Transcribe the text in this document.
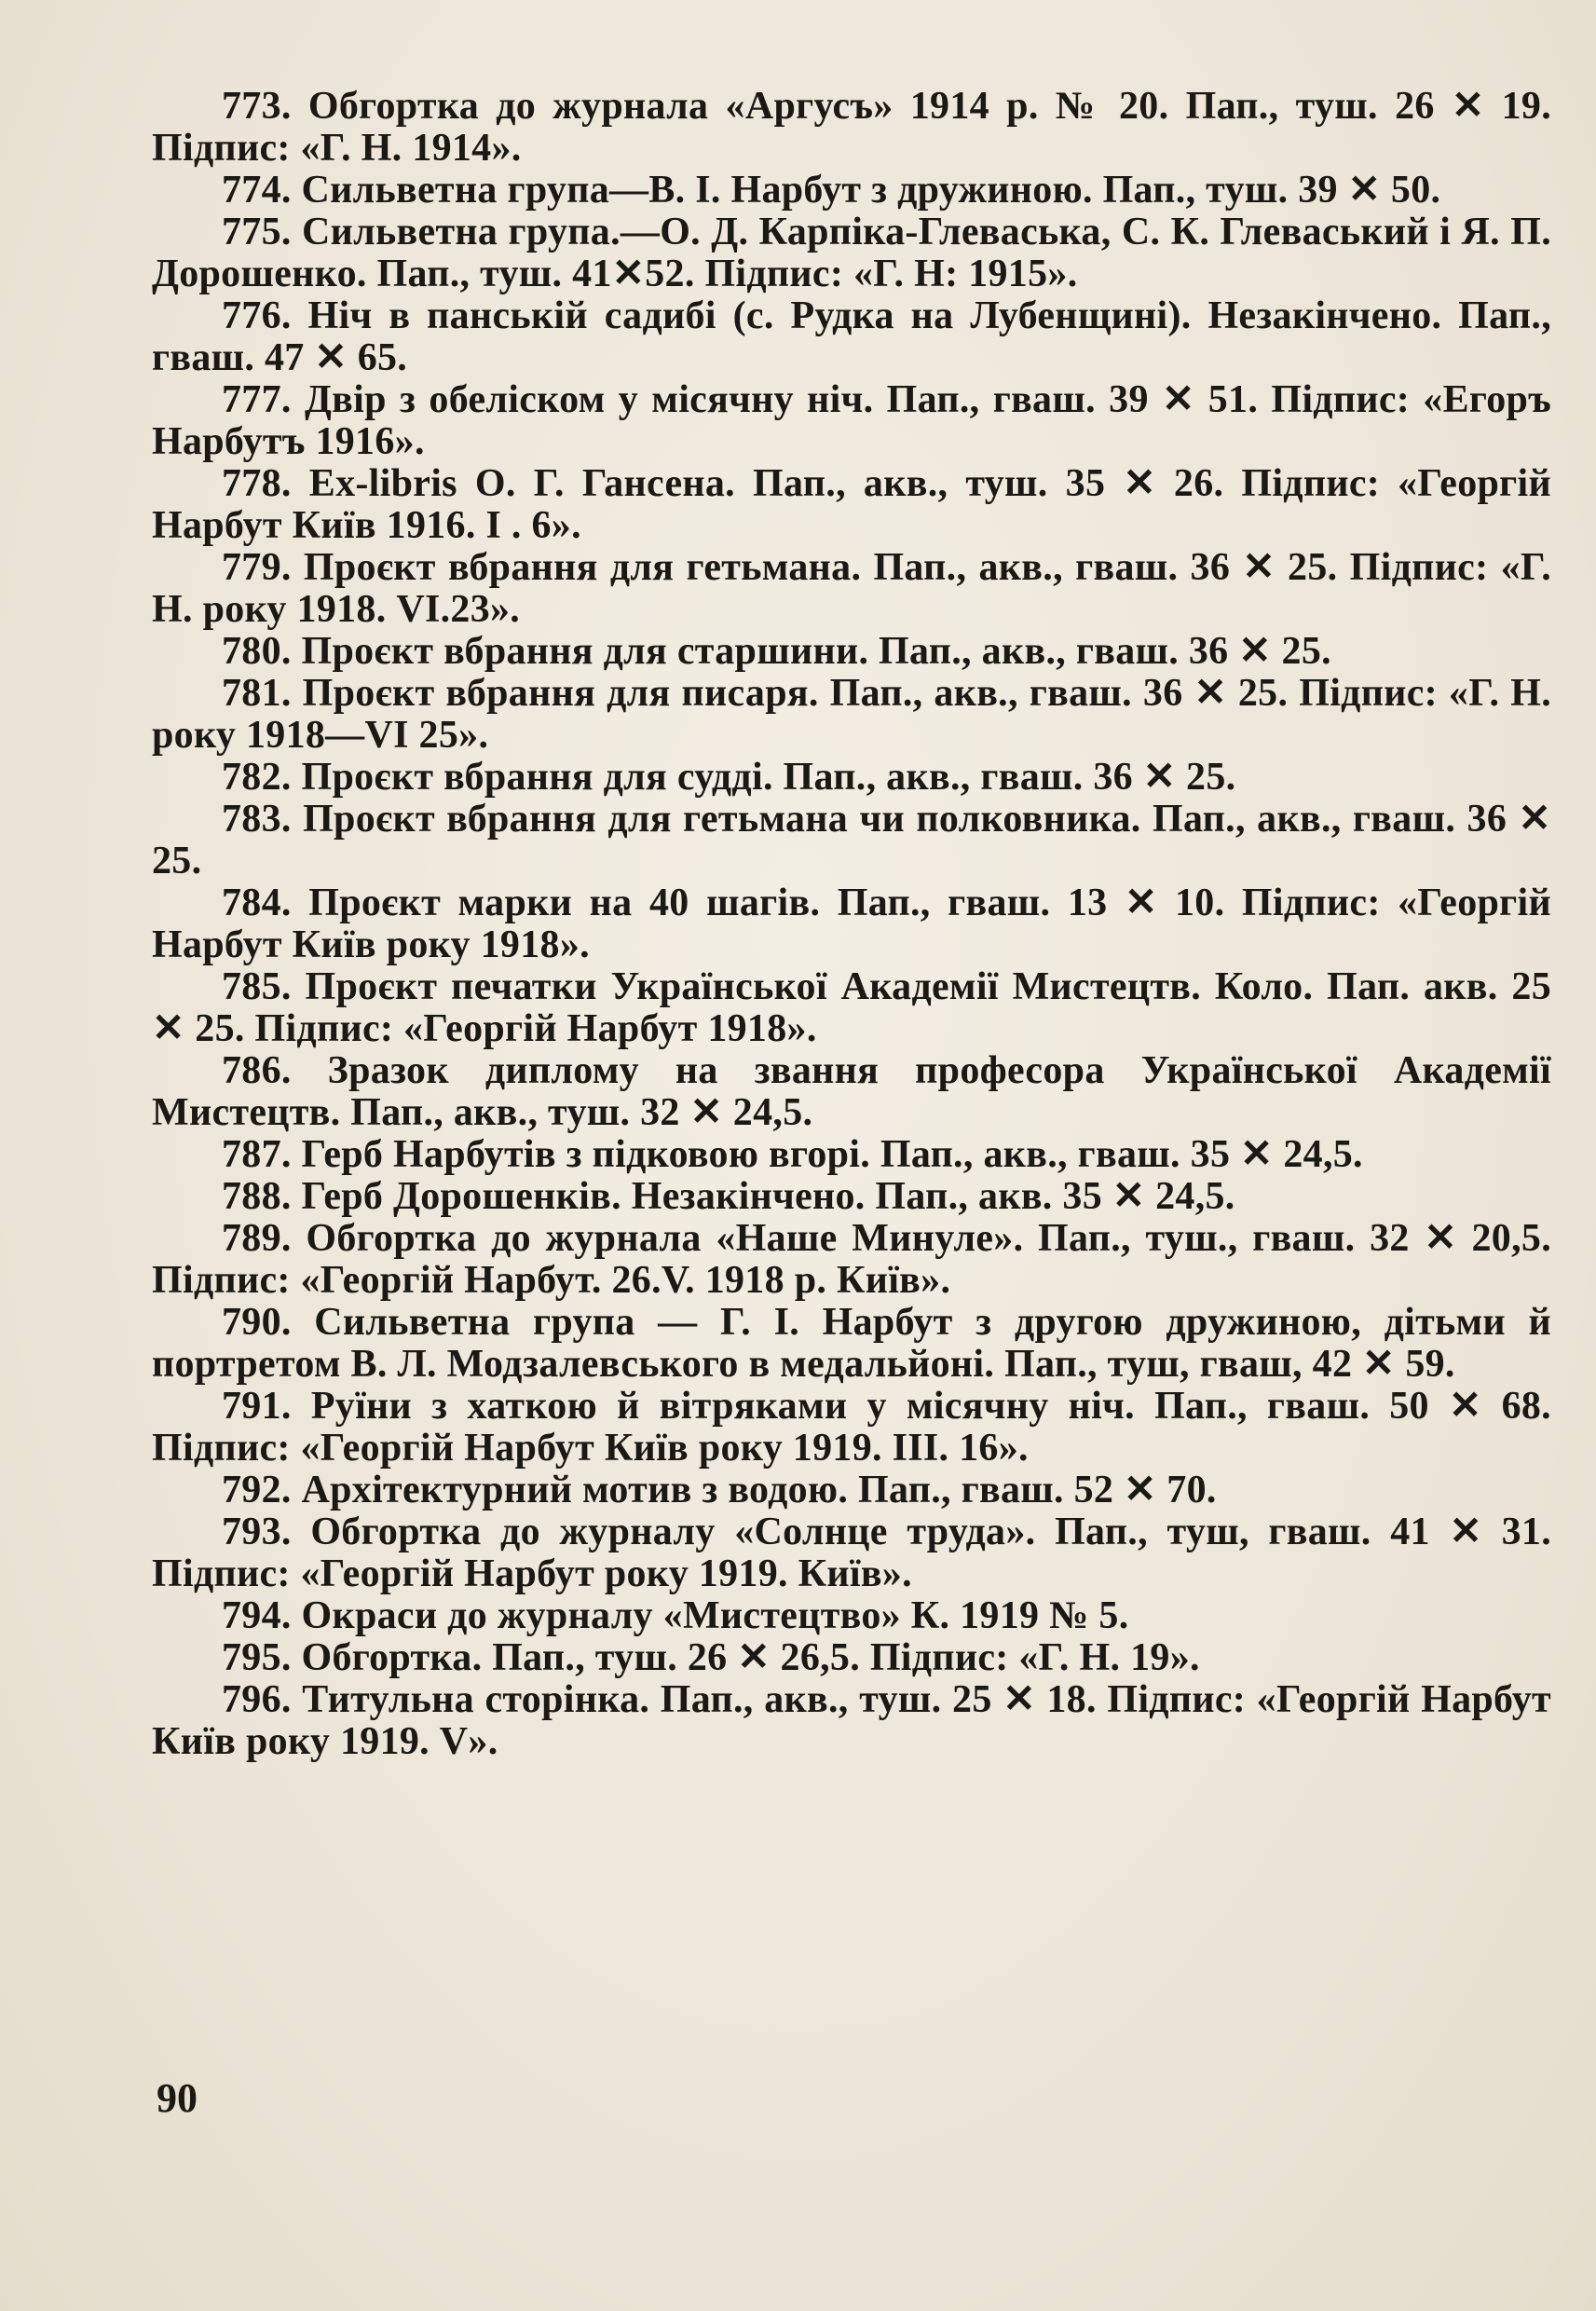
773. Обгортка до журнала «Аргусъ» 1914 р. № 20. Пап., туш. 26 ✕ 19. Підпис: «Г. Н. 1914».

774. Сильветна група—В. І. Нарбут з дружиною. Пап., туш. 39 ✕ 50.

775. Сильветна група.—О. Д. Карпіка-Глеваська, С. К. Глеваський і Я. П. Дорошенко. Пап., туш. 41✕52. Підпис: «Г. Н: 1915».

776. Ніч в панській садибі (с. Рудка на Лубенщині). Незакінчено. Пап., гваш. 47 ✕ 65.

777. Двір з обеліском у місячну ніч. Пап., гваш. 39 ✕ 51. Підпис: «Егоръ Нарбутъ 1916».

778. Ex-libris О. Г. Гансена. Пап., акв., туш. 35 ✕ 26. Підпис: «Георгій Нарбут Київ 1916. I . 6».

779. Проєкт вбрання для гетьмана. Пап., акв., гваш. 36 ✕ 25. Підпис: «Г. Н. року 1918. VI.23».

780. Проєкт вбрання для старшини. Пап., акв., гваш. 36 ✕ 25.

781. Проєкт вбрання для писаря. Пап., акв., гваш. 36 ✕ 25. Підпис: «Г. Н. року 1918—VI 25».

782. Проєкт вбрання для судді. Пап., акв., гваш. 36 ✕ 25.

783. Проєкт вбрання для гетьмана чи полковника. Пап., акв., гваш. 36 ✕ 25.

784. Проєкт марки на 40 шагів. Пап., гваш. 13 ✕ 10. Підпис: «Георгій Нарбут Київ року 1918».

785. Проєкт печатки Української Академії Мистецтв. Коло. Пап. акв. 25 ✕ 25. Підпис: «Георгій Нарбут 1918».

786. Зразок диплому на звання професора Української Академії Мистецтв. Пап., акв., туш. 32 ✕ 24,5.

787. Герб Нарбутів з підковою вгорі. Пап., акв., гваш. 35 ✕ 24,5.

788. Герб Дорошенків. Незакінчено. Пап., акв. 35 ✕ 24,5.

789. Обгортка до журнала «Наше Минуле». Пап., туш., гваш. 32 ✕ 20,5. Підпис: «Георгій Нарбут. 26.V. 1918 р. Київ».

790. Сильветна група — Г. І. Нарбут з другою дружиною, дітьми й портретом В. Л. Модзалевського в медальйоні. Пап., туш, гваш, 42 ✕ 59.

791. Руїни з хаткою й вітряками у місячну ніч. Пап., гваш. 50 ✕ 68. Підпис: «Георгій Нарбут Київ року 1919. III. 16».

792. Архітектурний мотив з водою. Пап., гваш. 52 ✕ 70.

793. Обгортка до журналу «Солнце труда». Пап., туш, гваш. 41 ✕ 31. Підпис: «Георгій Нарбут року 1919. Київ».

794. Окраси до журналу «Мистецтво» К. 1919 № 5.

795. Обгортка. Пап., туш. 26 ✕ 26,5. Підпис: «Г. Н. 19».

796. Титульна сторінка. Пап., акв., туш. 25 ✕ 18. Підпис: «Георгій Нарбут Київ року 1919. V».

90
